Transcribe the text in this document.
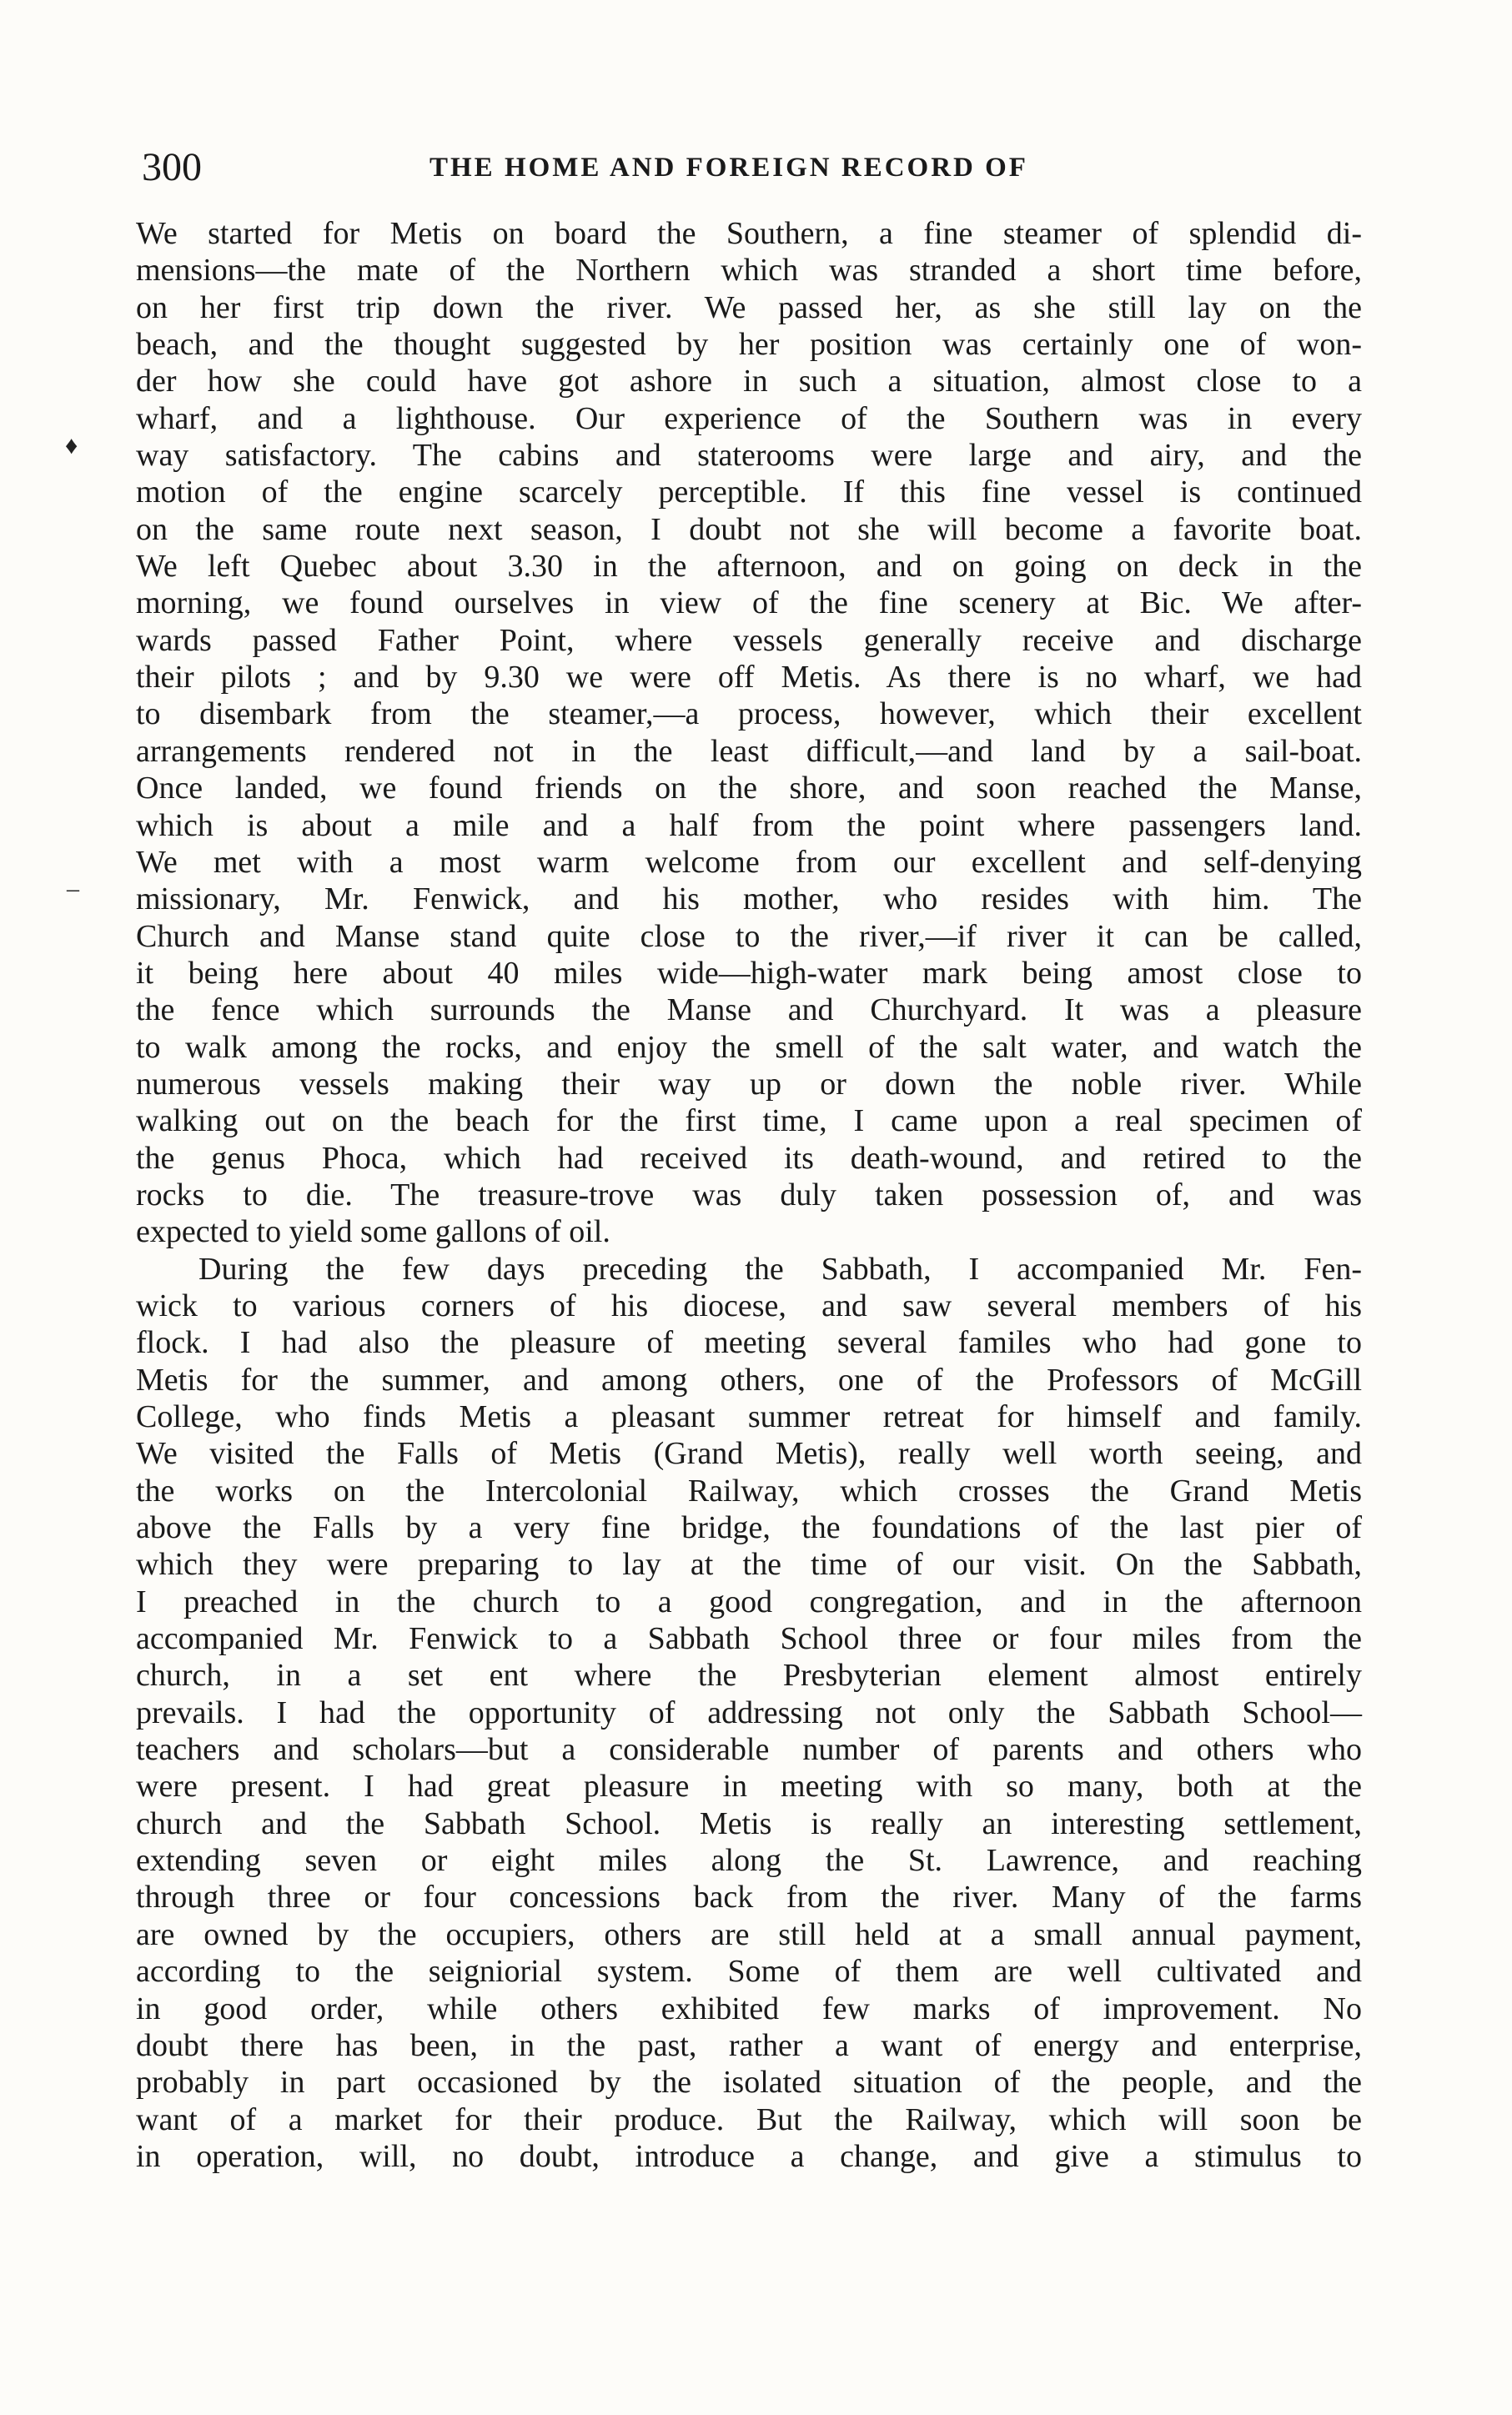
300	THE HOME AND FOREIGN RECORD OF
♦
–
We started for Metis on board the Southern, a fine steamer of splendid di-
mensions—the mate of the Northern which was stranded a short time before,
on her first trip down the river. We passed her, as she still lay on the
beach, and the thought suggested by her position was certainly one of won-
der how she could have got ashore in such a situation, almost close to a
wharf, and a lighthouse. Our experience of the Southern was in every
way satisfactory. The cabins and staterooms were large and airy, and the
motion of the engine scarcely perceptible. If this fine vessel is continued
on the same route next season, I doubt not she will become a favorite boat.
We left Quebec about 3.30 in the afternoon, and on going on deck in the
morning, we found ourselves in view of the fine scenery at Bic. We after-
wards passed Father Point, where vessels generally receive and discharge
their pilots ; and by 9.30 we were off Metis. As there is no wharf, we had
to disembark from the steamer,—a process, however, which their excellent
arrangements rendered not in the least difficult,—and land by a sail-boat.
Once landed, we found friends on the shore, and soon reached the Manse,
which is about a mile and a half from the point where passengers land.
We met with a most warm welcome from our excellent and self-denying
missionary, Mr. Fenwick, and his mother, who resides with him. The
Church and Manse stand quite close to the river,—if river it can be called,
it being here about 40 miles wide—high-water mark being amost close to
the fence which surrounds the Manse and Churchyard. It was a pleasure
to walk among the rocks, and enjoy the smell of the salt water, and watch the
numerous vessels making their way up or down the noble river. While
walking out on the beach for the first time, I came upon a real specimen of
the genus Phoca, which had received its death-wound, and retired to the
rocks to die. The treasure-trove was duly taken possession of, and was
expected to yield some gallons of oil.
During the few days preceding the Sabbath, I accompanied Mr. Fen-
wick to various corners of his diocese, and saw several members of his
flock. I had also the pleasure of meeting several familes who had gone to
Metis for the summer, and among others, one of the Professors of McGill
College, who finds Metis a pleasant summer retreat for himself and family.
We visited the Falls of Metis (Grand Metis), really well worth seeing, and
the works on the Intercolonial Railway, which crosses the Grand Metis
above the Falls by a very fine bridge, the foundations of the last pier of
which they were preparing to lay at the time of our visit. On the Sabbath,
I preached in the church to a good congregation, and in the afternoon
accompanied Mr. Fenwick to a Sabbath School three or four miles from the
church, in a set ent where the Presbyterian element almost entirely
prevails. I had the opportunity of addressing not only the Sabbath School—
teachers and scholars—but a considerable number of parents and others who
were present. I had great pleasure in meeting with so many, both at the
church and the Sabbath School. Metis is really an interesting settlement,
extending seven or eight miles along the St. Lawrence, and reaching
through three or four concessions back from the river. Many of the farms
are owned by the occupiers, others are still held at a small annual payment,
according to the seigniorial system. Some of them are well cultivated and
in good order, while others exhibited few marks of improvement. No
doubt there has been, in the past, rather a want of energy and enterprise,
probably in part occasioned by the isolated situation of the people, and the
want of a market for their produce. But the Railway, which will soon be
in operation, will, no doubt, introduce a change, and give a stimulus to
